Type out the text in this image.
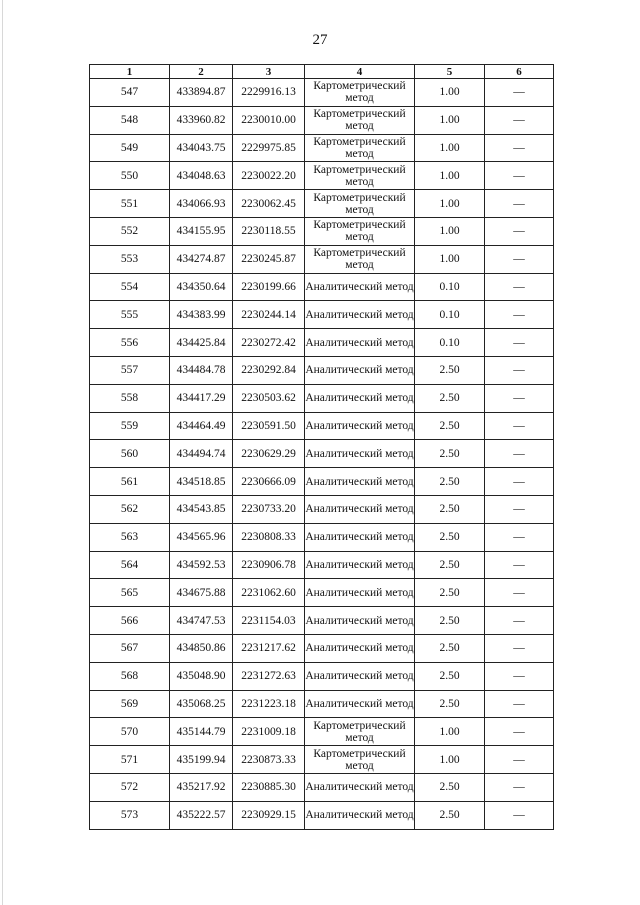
27
1	2	3	4	5	6
547	433894.87	2229916.13	Картометрический метод	1.00	—
548	433960.82	2230010.00	Картометрический метод	1.00	—
549	434043.75	2229975.85	Картометрический метод	1.00	—
550	434048.63	2230022.20	Картометрический метод	1.00	—
551	434066.93	2230062.45	Картометрический метод	1.00	—
552	434155.95	2230118.55	Картометрический метод	1.00	—
553	434274.87	2230245.87	Картометрический метод	1.00	—
554	434350.64	2230199.66	Аналитический метод	0.10	—
555	434383.99	2230244.14	Аналитический метод	0.10	—
556	434425.84	2230272.42	Аналитический метод	0.10	—
557	434484.78	2230292.84	Аналитический метод	2.50	—
558	434417.29	2230503.62	Аналитический метод	2.50	—
559	434464.49	2230591.50	Аналитический метод	2.50	—
560	434494.74	2230629.29	Аналитический метод	2.50	—
561	434518.85	2230666.09	Аналитический метод	2.50	—
562	434543.85	2230733.20	Аналитический метод	2.50	—
563	434565.96	2230808.33	Аналитический метод	2.50	—
564	434592.53	2230906.78	Аналитический метод	2.50	—
565	434675.88	2231062.60	Аналитический метод	2.50	—
566	434747.53	2231154.03	Аналитический метод	2.50	—
567	434850.86	2231217.62	Аналитический метод	2.50	—
568	435048.90	2231272.63	Аналитический метод	2.50	—
569	435068.25	2231223.18	Аналитический метод	2.50	—
570	435144.79	2231009.18	Картометрический метод	1.00	—
571	435199.94	2230873.33	Картометрический метод	1.00	—
572	435217.92	2230885.30	Аналитический метод	2.50	—
573	435222.57	2230929.15	Аналитический метод	2.50	—
